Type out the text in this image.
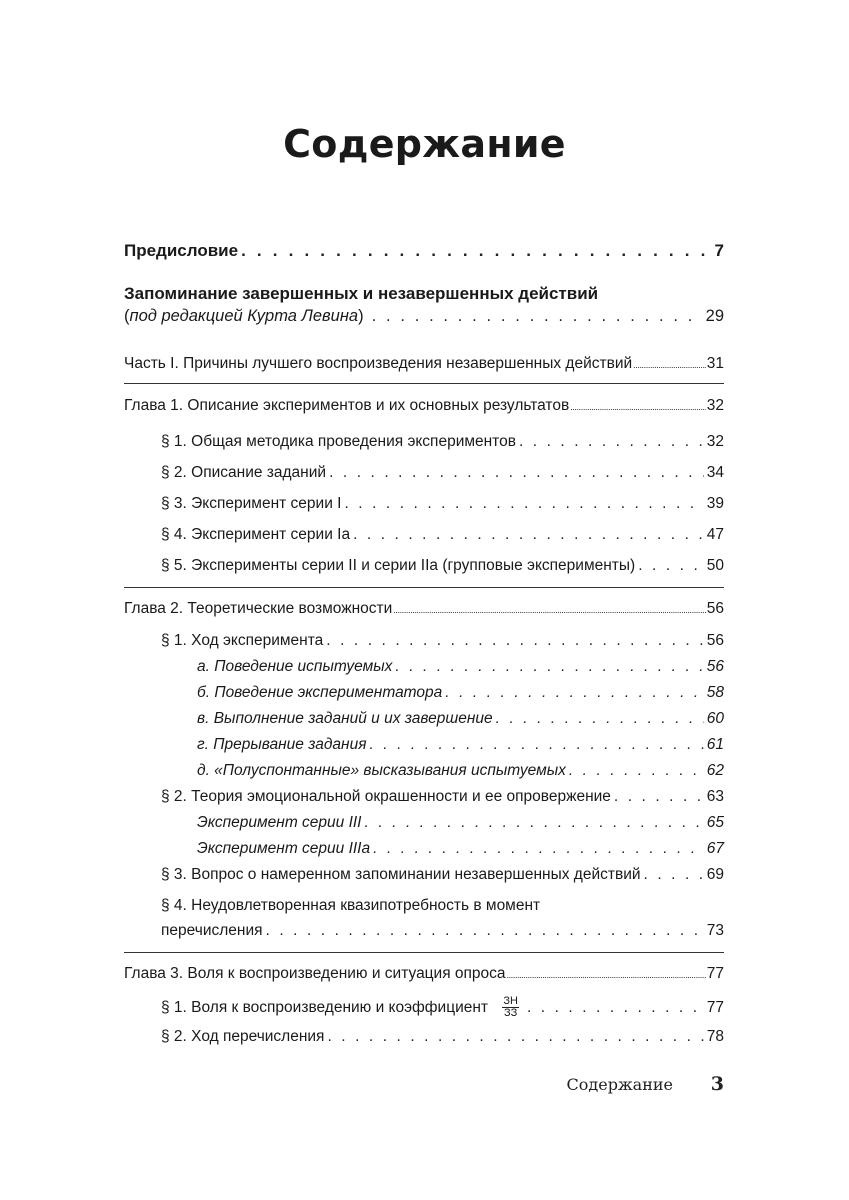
Содержание
Предисловие . . .	7
Запоминание завершенных и незавершенных действий
(под редакцией Курта Левина) . . .	29
Часть I. Причины лучшего воспроизведения незавершенных действий .....	31
Глава 1. Описание экспериментов и их основных результатов .....	32
§ 1. Общая методика проведения экспериментов . . .	32
§ 2. Описание заданий . . .	34
§ 3. Эксперимент серии I . . .	39
§ 4. Эксперимент серии Ia . . .	47
§ 5. Эксперименты серии II и серии IIa (групповые эксперименты) . . .	50
Глава 2. Теоретические возможности .....	56
§ 1. Ход эксперимента . . .	56
а. Поведение испытуемых . . .	56
б. Поведение экспериментатора . . .	58
в. Выполнение заданий и их завершение . . .	60
г. Прерывание задания . . .	61
д. «Полуспонтанные» высказывания испытуемых . . .	62
§ 2. Теория эмоциональной окрашенности и ее опровержение . . .	63
Эксперимент серии III . . .	65
Эксперимент серии IIIa . . .	67
§ 3. Вопрос о намеренном запоминании незавершенных действий . . .	69
§ 4. Неудовлетворенная квазипотребность в момент
перечисления . . .	73
Глава 3. Воля к воспроизведению и ситуация опроса .....	77
§ 1. Воля к воспроизведению и коэффициент $\frac{ЗН}{ЗЗ}$ . . .	77
§ 2. Ход перечисления . . .	78
Содержание 3
